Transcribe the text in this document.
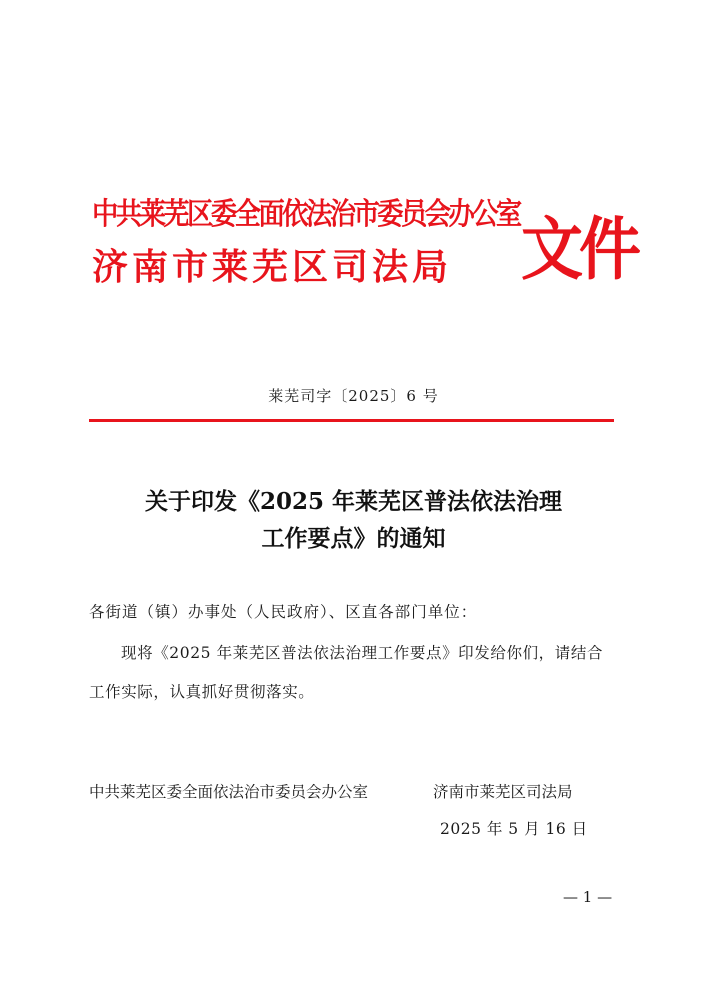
中共莱芜区委全面依法治市委员会办公室
济南市莱芜区司法局	文件
莱芜司字〔2025〕6 号
关于印发《2025 年莱芜区普法依法治理
工作要点》的通知
各街道（镇）办事处（人民政府）、区直各部门单位：
现将《2025 年莱芜区普法依法治理工作要点》印发给你们，请结合工作实际，认真抓好贯彻落实。
中共莱芜区委全面依法治市委员会办公室	济南市莱芜区司法局
2025 年 5 月 16 日
— 1 —
